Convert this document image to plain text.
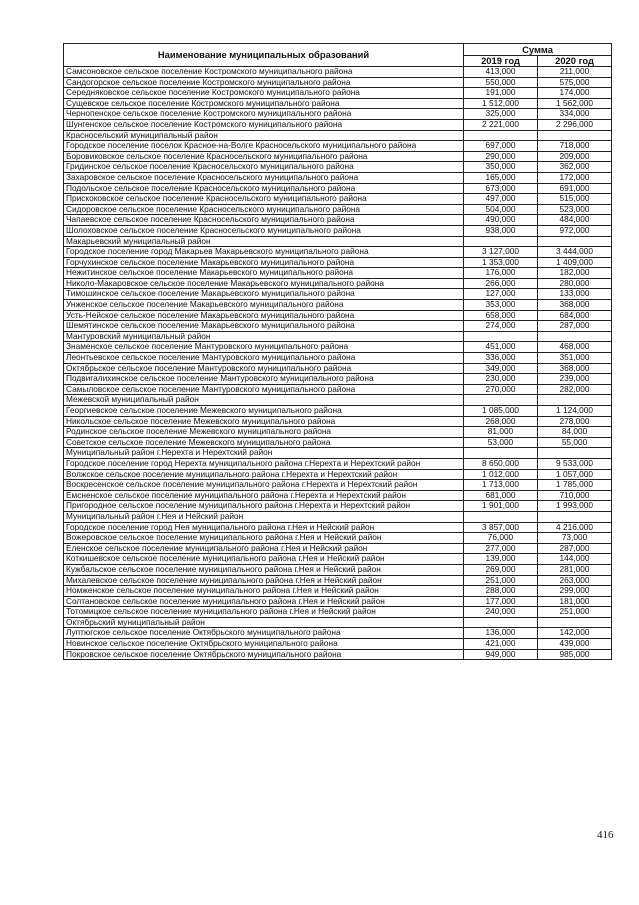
Наименование муниципальных образований	Сумма	
	2019 год	2020 год
Самсоновское сельское поселение Костромского муниципального района	413,000	211,000
Сандогорское сельское поселение Костромского муниципального района	550,000	575,000
Середняковское сельское поселение Костромского муниципального района	191,000	174,000
Сущевское сельское поселение Костромского муниципального района	1 512,000	1 562,000
Чернопенское сельское поселение Костромского муниципального района	325,000	334,000
Шунгенское сельское поселение Костромского муниципального района	2 221,000	2 296,000
Красносельский муниципальный район		
Городское поселение поселок Красное-на-Волге Красносельского муниципального района	697,000	718,000
Боровиковское сельское поселение Красносельского муниципального района	290,000	209,000
Гридинское сельское поселение Красносельского муниципального района	350,000	362,000
Захаровское сельское поселение Красносельского муниципального района	165,000	172,000
Подольское сельское поселение Красносельского муниципального района	673,000	691,000
Прискоковское сельское поселение Красносельского муниципального района	497,000	515,000
Сидоровское сельское поселение Красносельского муниципального района	504,000	523,000
Чапаевское сельское поселение Красносельского муниципального района	490,000	484,000
Шолоховское сельское поселение Красносельского муниципального района	938,000	972,000
Макарьевский муниципальный район		
Городское поселение город Макарьев Макарьевского муниципального района	3 127,000	3 444,000
Горчухинское сельское поселение Макарьевского муниципального района	1 353,000	1 409,000
Нежитинское сельское поселение Макарьевского муниципального района	176,000	182,000
Николо-Макаровское сельское поселение Макарьевского муниципального района	266,000	280,000
Тимошинское сельское поселение Макарьевского муниципального района	127,000	133,000
Унженское сельское поселение Макарьевского муниципального района	353,000	368,000
Усть-Нейское сельское поселение Макарьевского муниципального района	658,000	684,000
Шемятинское сельское поселение Макарьевского муниципального района	274,000	287,000
Мантуровский муниципальный район		
Знаменское сельское поселение Мантуровского муниципального района	451,000	468,000
Леонтьевское сельское поселение Мантуровского муниципального района	336,000	351,000
Октябрьское сельское поселение Мантуровского муниципального района	349,000	368,000
Подвигалихинское сельское поселение Мантуровского муниципального района	230,000	239,000
Самыловское сельское поселение Мантуровского муниципального района	270,000	282,000
Межевской муниципальный район		
Георгиевское сельское поселение Межевского муниципального района	1 085,000	1 124,000
Никольское сельское поселение Межевского муниципального района	268,000	278,000
Родинское сельское поселение Межевского муниципального района	81,000	84,000
Советское сельское поселение Межевского муниципального района	53,000	55,000
Муниципальный район г.Нерехта и Нерехтский район		
Городское поселение город Нерехта муниципального района г.Нерехта и Нерехтский район	8 650,000	9 533,000
Волжское сельское поселение муниципального района г.Нерехта и Нерехтский район	1 012,000	1 057,000
Воскресенское сельское поселение муниципального района г.Нерехта и Нерехтский район	1 713,000	1 785,000
Емсненское сельское поселение муниципального района г.Нерехта и Нерехтский район	681,000	710,000
Пригородное сельское поселение муниципального района г.Нерехта и Нерехтский район	1 901,000	1 993,000
Муниципальный район г.Нея и Нейский район		
Городское поселение город Нея муниципального района г.Нея и Нейский район	3 857,000	4 216,000
Вожеровское сельское поселение муниципального района г.Нея и Нейский район	76,000	73,000
Еленское сельское поселение муниципального района г.Нея и Нейский район	277,000	287,000
Коткишевское сельское поселение муниципального района г.Нея и Нейский район	139,000	144,000
Кужбальское сельское поселение муниципального района г.Нея и Нейский район	269,000	281,000
Михалевское сельское поселение муниципального района г.Нея и Нейский район	251,000	263,000
Номженское сельское поселение муниципального района г.Нея и Нейский район	288,000	299,000
Солтановское сельское поселение муниципального района г.Нея и Нейский район	177,000	181,000
Тотомицкое сельское поселение муниципального района г.Нея и Нейский район	240,000	251,000
Октябрьский муниципальный район		
Луптюгское сельское поселение Октябрьского муниципального района	136,000	142,000
Новинское сельское поселение Октябрьского муниципального района	421,000	439,000
Покровское сельское поселение Октябрьского муниципального района	949,000	985,000
416
